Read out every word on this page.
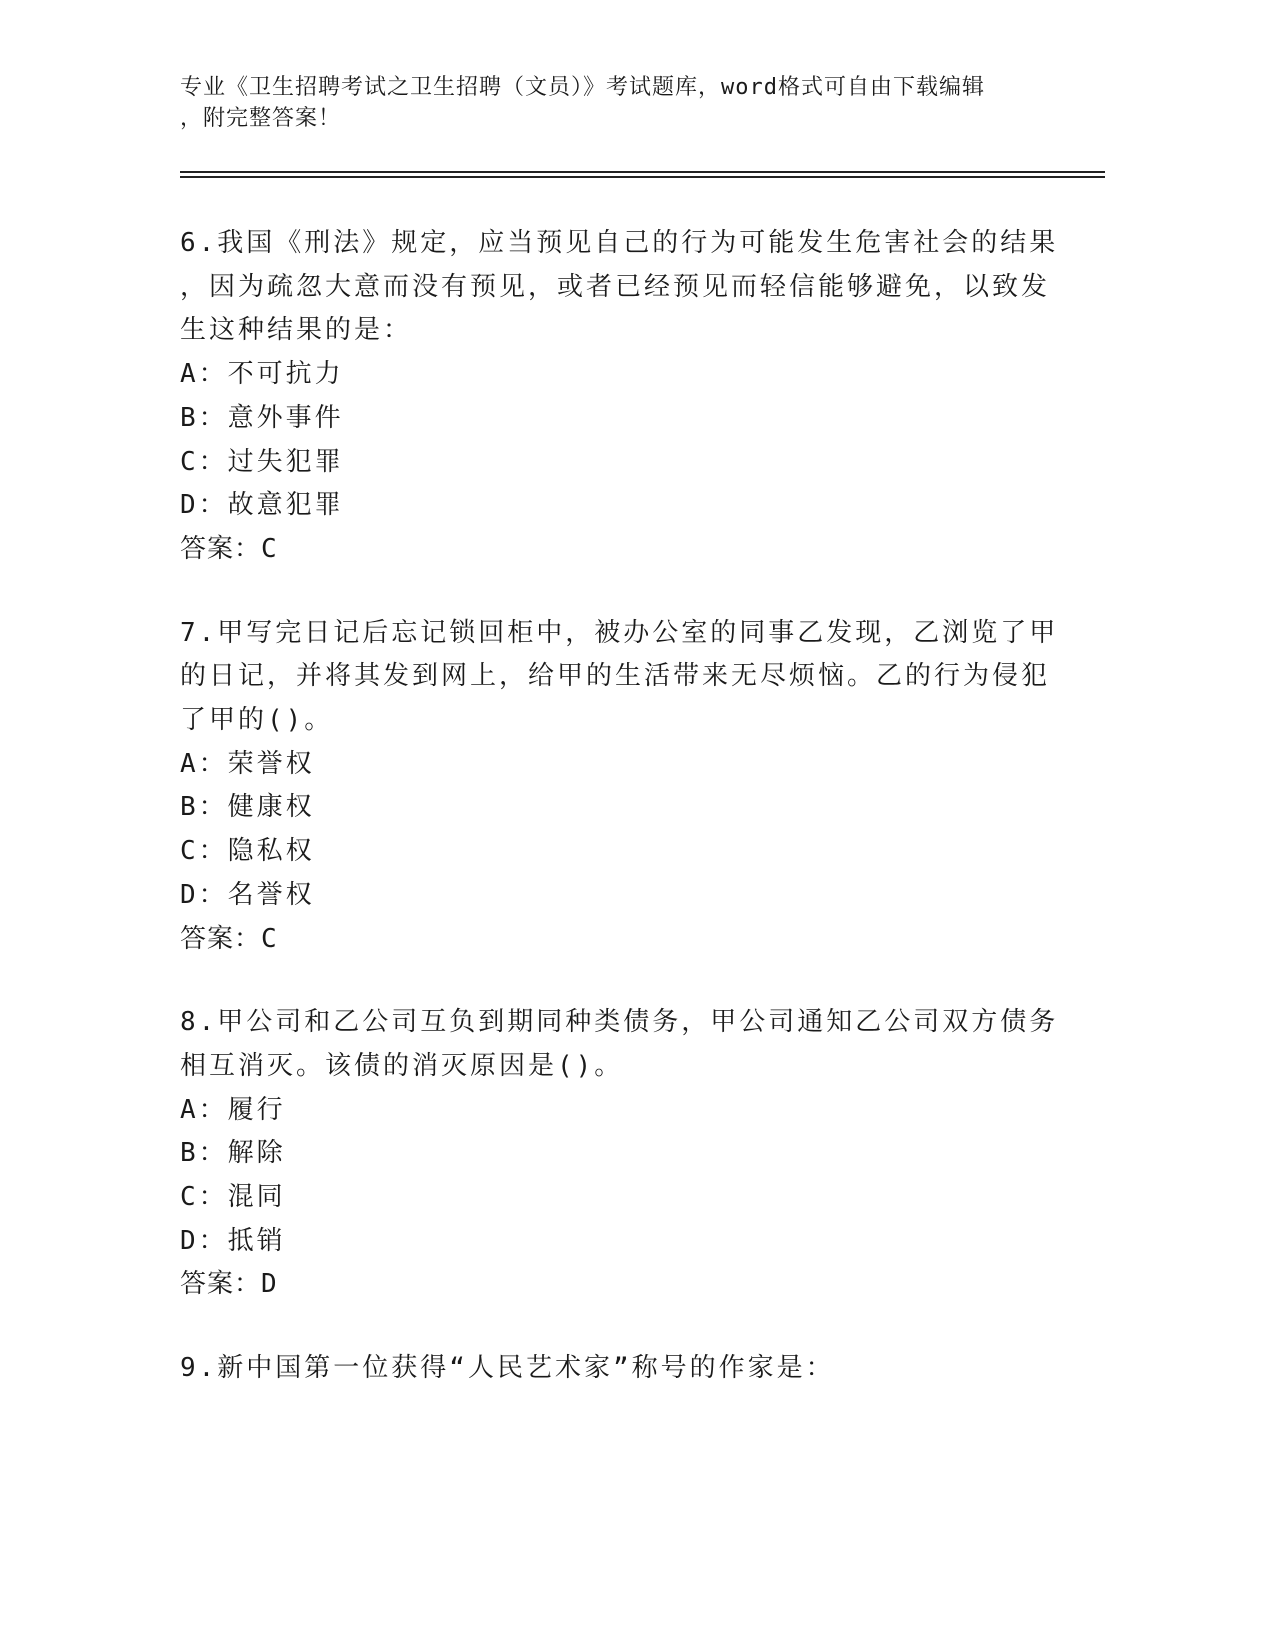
专业《卫生招聘考试之卫生招聘（文员）》考试题库，word格式可自由下载编辑
，附完整答案！
6.我国《刑法》规定，应当预见自己的行为可能发生危害社会的结果
，因为疏忽大意而没有预见，或者已经预见而轻信能够避免，以致发
生这种结果的是：
A：不可抗力
B：意外事件
C：过失犯罪
D：故意犯罪
答案：C
7.甲写完日记后忘记锁回柜中，被办公室的同事乙发现，乙浏览了甲
的日记，并将其发到网上，给甲的生活带来无尽烦恼。乙的行为侵犯
了甲的()。
A：荣誉权
B：健康权
C：隐私权
D：名誉权
答案：C
8.甲公司和乙公司互负到期同种类债务，甲公司通知乙公司双方债务
相互消灭。该债的消灭原因是()。
A：履行
B：解除
C：混同
D：抵销
答案：D
9.新中国第一位获得“人民艺术家”称号的作家是：
